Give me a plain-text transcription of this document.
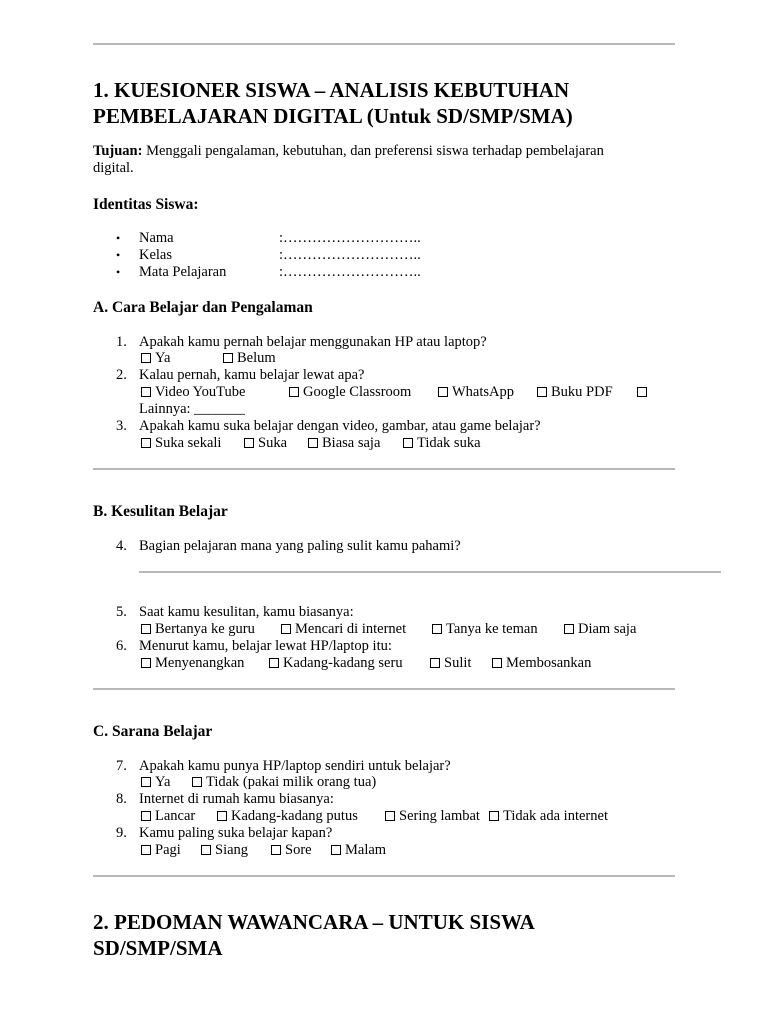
1. KUESIONER SISWA – ANALISIS KEBUTUHAN
PEMBELAJARAN DIGITAL (Untuk SD/SMP/SMA)
Tujuan: Menggali pengalaman, kebutuhan, dan preferensi siswa terhadap pembelajaran
digital.
Identitas Siswa:
• Nama	:………………………..
• Kelas	:………………………..
• Mata Pelajaran	:………………………..
A. Cara Belajar dan Pengalaman
1. Apakah kamu pernah belajar menggunakan HP atau laptop?
Ya	Belum
2. Kalau pernah, kamu belajar lewat apa?
Video YouTube	Google Classroom	WhatsApp	Buku PDF
Lainnya: _______
3. Apakah kamu suka belajar dengan video, gambar, atau game belajar?
Suka sekali	Suka Biasa saja	Tidak suka
B. Kesulitan Belajar
4. Bagian pelajaran mana yang paling sulit kamu pahami?
5. Saat kamu kesulitan, kamu biasanya:
Bertanya ke guru	Mencari di internet	Tanya ke teman	Diam saja
6. Menurut kamu, belajar lewat HP/laptop itu:
Menyenangkan	Kadang-kadang seru	Sulit Membosankan
C. Sarana Belajar
7. Apakah kamu punya HP/laptop sendiri untuk belajar?
Ya Tidak (pakai milik orang tua)
8. Internet di rumah kamu biasanya:
Lancar Kadang-kadang putus	Sering lambat Tidak ada internet
9. Kamu paling suka belajar kapan?
Pagi Siang	Sore Malam
2. PEDOMAN WAWANCARA – UNTUK SISWA
SD/SMP/SMA
